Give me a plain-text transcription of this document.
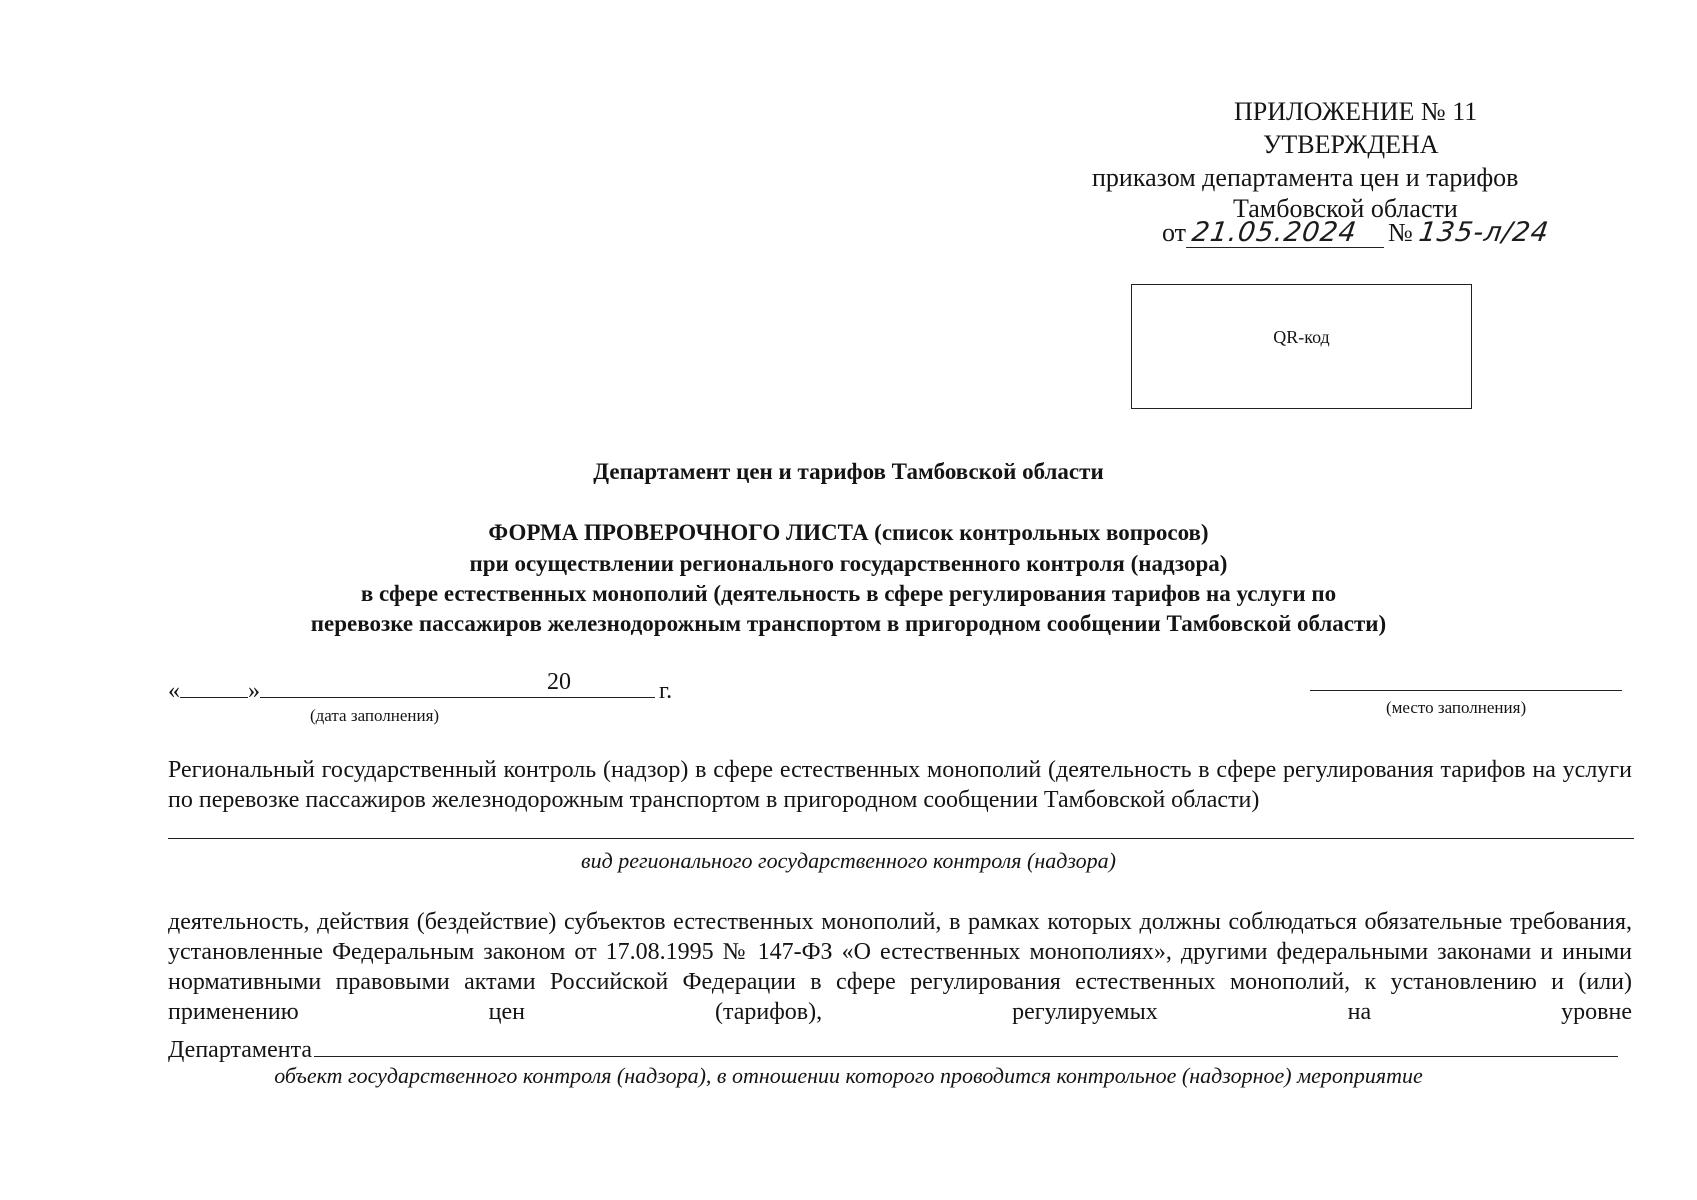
ПРИЛОЖЕНИЕ № 11
УТВЕРЖДЕНА
приказом департамента цен и тарифов
Тамбовской области
от 21.05.2024 № 135-л/24
QR-код
Департамент цен и тарифов Тамбовской области
ФОРМА ПРОВЕРОЧНОГО ЛИСТА (список контрольных вопросов)
при осуществлении регионального государственного контроля (надзора)
в сфере естественных монополий (деятельность в сфере регулирования тарифов на услуги по
перевозке пассажиров железнодорожным транспортом в пригородном сообщении Тамбовской области)
«	»	20	г.
(дата заполнения)	(место заполнения)
Региональный государственный контроль (надзор) в сфере естественных монополий (деятельность в сфере регулирования тарифов на услуги по перевозке пассажиров железнодорожным транспортом в пригородном сообщении Тамбовской области)
вид регионального государственного контроля (надзора)
деятельность, действия (бездействие) субъектов естественных монополий, в рамках которых должны соблюдаться обязательные требования, установленные Федеральным законом от 17.08.1995 № 147-ФЗ «О естественных монополиях», другими федеральными законами и иными нормативными правовыми актами Российской Федерации в сфере регулирования естественных монополий, к установлению и (или) применению цен (тарифов), регулируемых на уровне
Департамента
объект государственного контроля (надзора), в отношении которого проводится контрольное (надзорное) мероприятие
